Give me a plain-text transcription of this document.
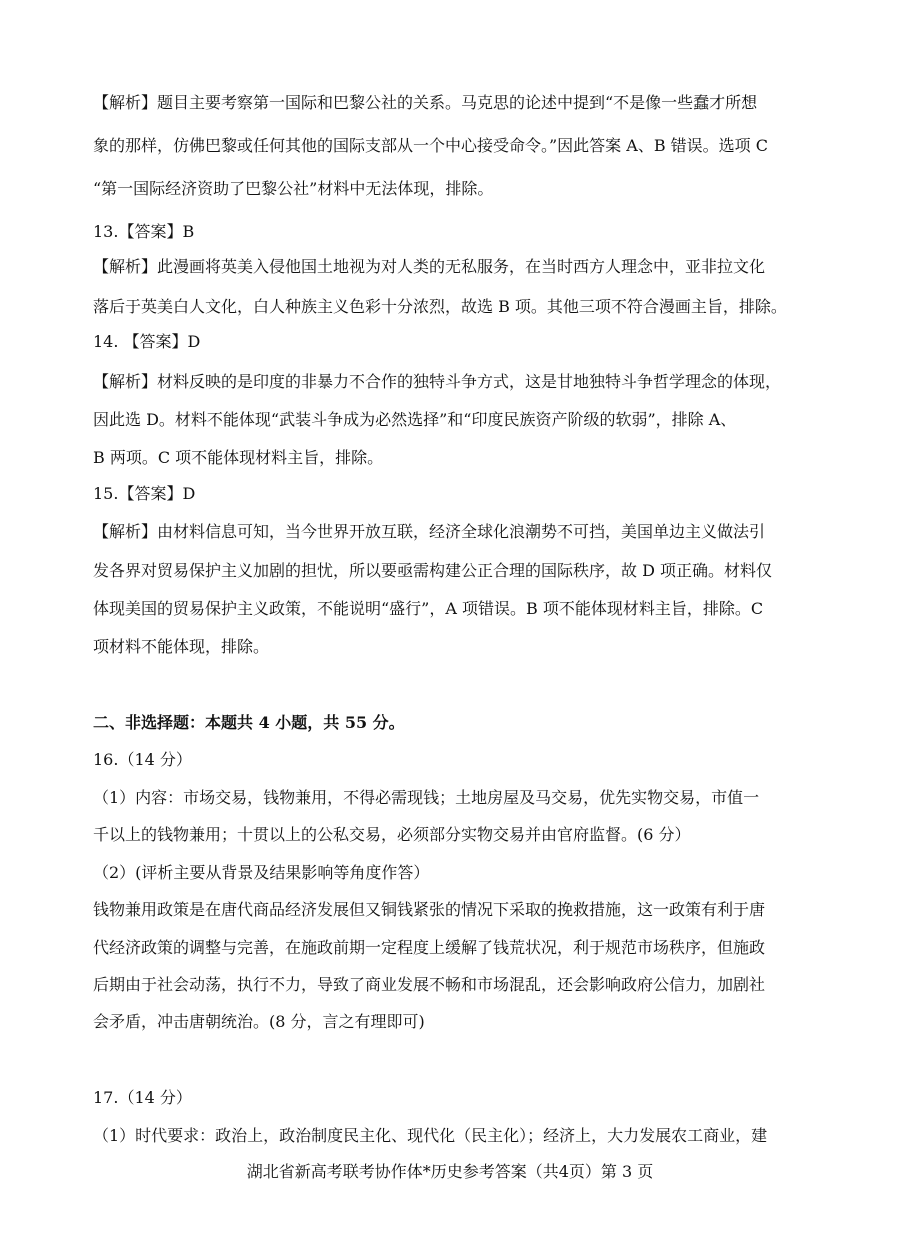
【解析】题目主要考察第一国际和巴黎公社的关系。马克思的论述中提到“不是像一些蠢才所想
象的那样，仿佛巴黎或任何其他的国际支部从一个中心接受命令。”因此答案 A、B 错误。选项 C
“第一国际经济资助了巴黎公社”材料中无法体现，排除。
13.【答案】B
【解析】此漫画将英美入侵他国土地视为对人类的无私服务，在当时西方人理念中，亚非拉文化
落后于英美白人文化，白人种族主义色彩十分浓烈，故选 B 项。其他三项不符合漫画主旨，排除。
14. 【答案】D
【解析】材料反映的是印度的非暴力不合作的独特斗争方式，这是甘地独特斗争哲学理念的体现，
因此选 D。材料不能体现“武装斗争成为必然选择”和“印度民族资产阶级的软弱”，排除 A、
B 两项。C 项不能体现材料主旨，排除。
15.【答案】D
【解析】由材料信息可知，当今世界开放互联，经济全球化浪潮势不可挡，美国单边主义做法引
发各界对贸易保护主义加剧的担忧，所以要亟需构建公正合理的国际秩序，故 D 项正确。材料仅
体现美国的贸易保护主义政策，不能说明“盛行”，A 项错误。B 项不能体现材料主旨，排除。C
项材料不能体现，排除。
二、非选择题：本题共 4 小题，共 55 分。
16.（14 分）
（1）内容：市场交易，钱物兼用，不得必需现钱；土地房屋及马交易，优先实物交易，市值一
千以上的钱物兼用；十贯以上的公私交易，必须部分实物交易并由官府监督。(6 分）
（2）(评析主要从背景及结果影响等角度作答）
钱物兼用政策是在唐代商品经济发展但又铜钱紧张的情况下采取的挽救措施，这一政策有利于唐
代经济政策的调整与完善，在施政前期一定程度上缓解了钱荒状况，利于规范市场秩序，但施政
后期由于社会动荡，执行不力，导致了商业发展不畅和市场混乱，还会影响政府公信力，加剧社
会矛盾，冲击唐朝统治。(8 分，言之有理即可)
17.（14 分）
（1）时代要求：政治上，政治制度民主化、现代化（民主化）；经济上，大力发展农工商业，建
湖北省新高考联考协作体*历史参考答案（共4页）第 3 页
